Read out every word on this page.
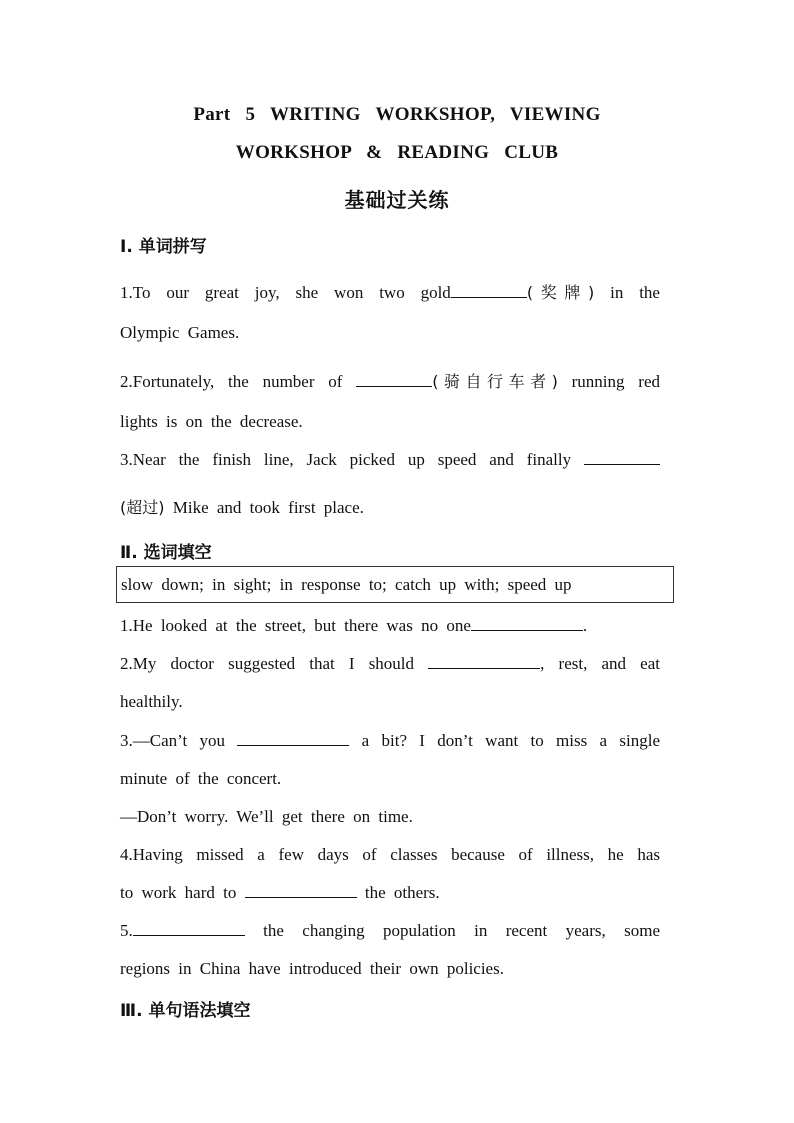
Part 5 WRITING WORKSHOP, VIEWING
WORKSHOP & READING CLUB
基础过关练
Ⅰ. 单词拼写
1.To our great joy, she won two gold	(奖牌) in the
Olympic Games.
2.Fortunately, the number of	(骑自行车者) running red
lights is on the decrease.
3.Near the finish line, Jack picked up speed and finally
(超过) Mike and took first place.
Ⅱ. 选词填空
slow down; in sight; in response to; catch up with; speed up
1.He looked at the street, but there was no one	.
2.My doctor suggested that I should	, rest, and eat
healthily.
3.—Can’t you	a bit? I don’t want to miss a single
minute of the concert.
—Don’t worry. We’ll get there on time.
4.Having missed a few days of classes because of illness, he has
to work hard to	the others.
5.	the changing population in recent years, some
regions in China have introduced their own policies.
Ⅲ. 单句语法填空
